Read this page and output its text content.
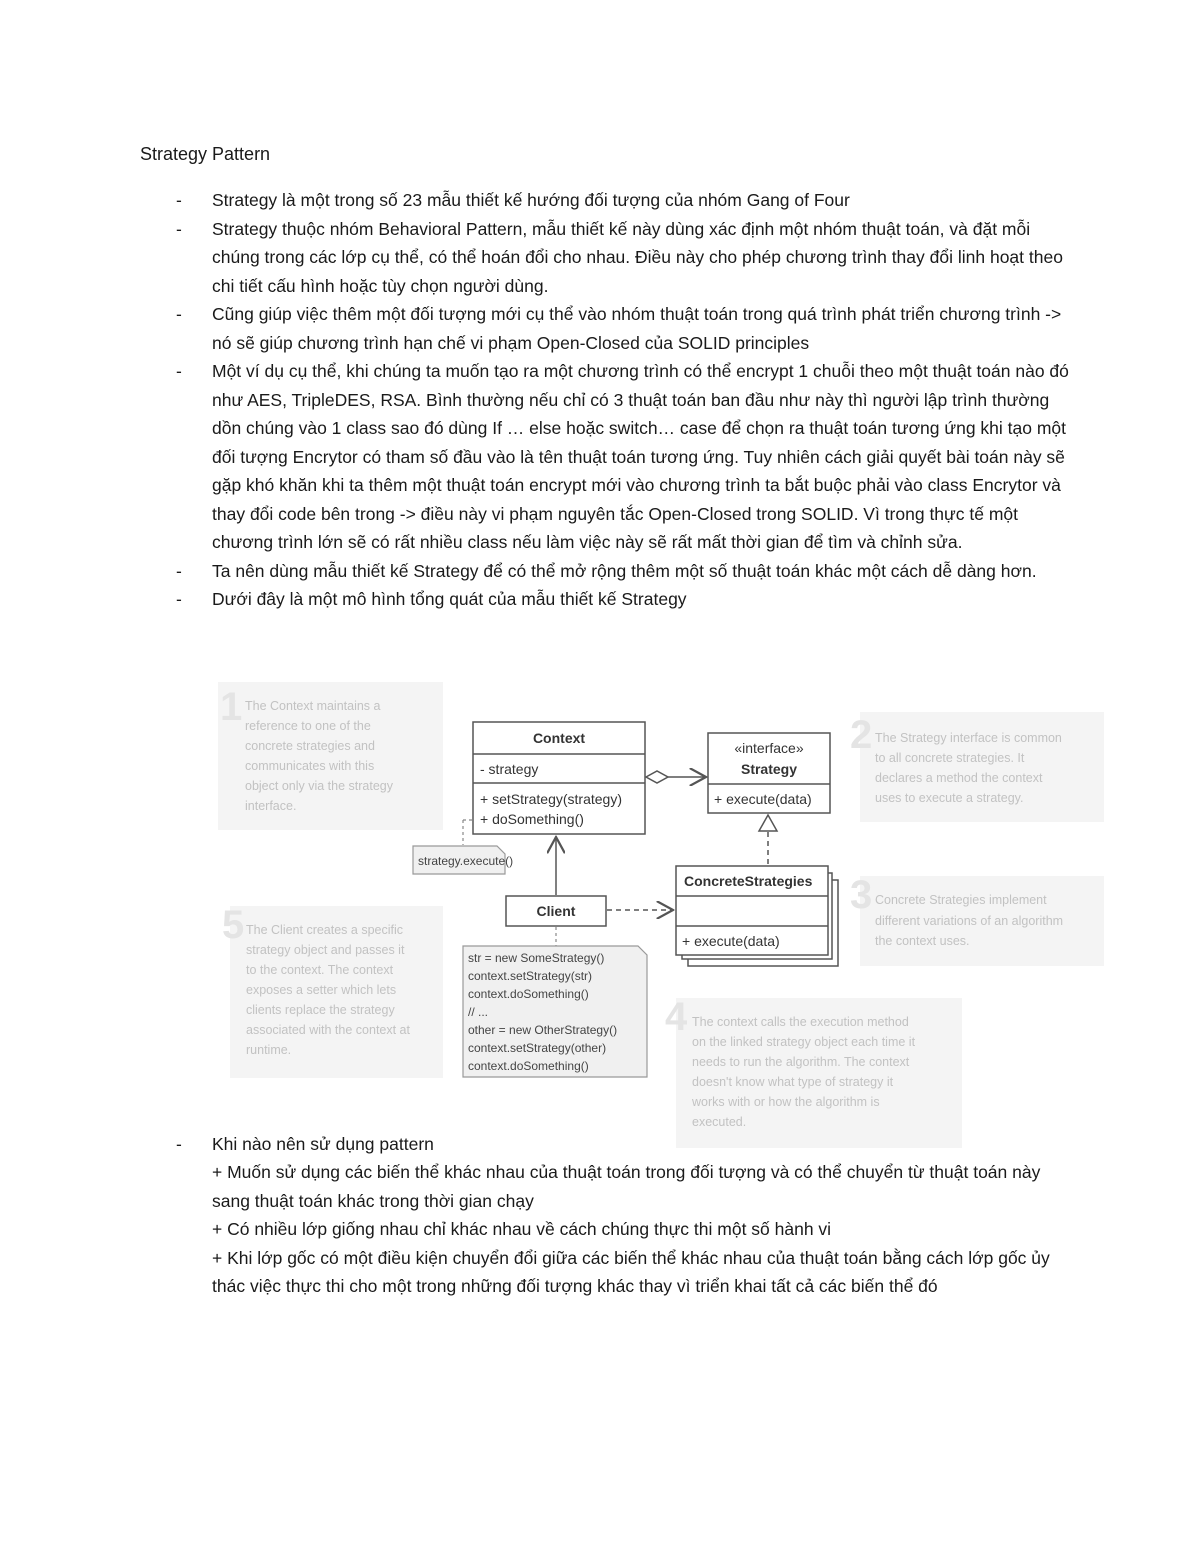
Strategy Pattern
- Strategy là một trong số 23 mẫu thiết kế hướng đối tượng của nhóm Gang of Four
- Strategy thuộc nhóm Behavioral Pattern, mẫu thiết kế này dùng xác định một nhóm thuật toán, và đặt mỗi chúng trong các lớp cụ thể, có thể hoán đổi cho nhau. Điều này cho phép chương trình thay đổi linh hoạt theo chi tiết cấu hình hoặc tùy chọn người dùng.
- Cũng giúp việc thêm một đối tượng mới cụ thể vào nhóm thuật toán trong quá trình phát triển chương trình -> nó sẽ giúp chương trình hạn chế vi phạm Open-Closed của SOLID principles
- Một ví dụ cụ thể, khi chúng ta muốn tạo ra một chương trình có thể encrypt 1 chuỗi theo một thuật toán nào đó như AES, TripleDES, RSA. Bình thường nếu chỉ có 3 thuật toán ban đầu như này thì người lập trình thường dồn chúng vào 1 class sao đó dùng If … else hoặc switch… case để chọn ra thuật toán tương ứng khi tạo một đối tượng Encrytor có tham số đầu vào là tên thuật toán tương ứng. Tuy nhiên cách giải quyết bài toán này sẽ gặp khó khăn khi ta thêm một thuật toán encrypt mới vào chương trình ta bắt buộc phải vào class Encrytor và thay đổi code bên trong -> điều này vi phạm nguyên tắc Open-Closed trong SOLID. Vì trong thực tế một chương trình lớn sẽ có rất nhiều class nếu làm việc này sẽ rất mất thời gian để tìm và chỉnh sửa.
- Ta nên dùng mẫu thiết kế Strategy để có thể mở rộng thêm một số thuật toán khác một cách dễ dàng hơn.
- Dưới đây là một mô hình tổng quát của mẫu thiết kế Strategy
- Khi nào nên sử dụng pattern
+ Muốn sử dụng các biến thể khác nhau của thuật toán trong đối tượng và có thể chuyển từ thuật toán này sang thuật toán khác trong thời gian chạy
+ Có nhiều lớp giống nhau chỉ khác nhau về cách chúng thực thi một số hành vi
+ Khi lớp gốc có một điều kiện chuyển đổi giữa các biến thể khác nhau của thuật toán bằng cách lớp gốc ủy thác việc thực thi cho một trong những đối tượng khác thay vì triển khai tất cả các biến thể đó
1 The Context maintains a
reference to one of the
concrete strategies and
communicates with this
object only via the strategy
interface.
2 The Strategy interface is common
to all concrete strategies. It
declares a method the context
uses to execute a strategy.
3 Concrete Strategies implement
different variations of an algorithm
the context uses.
4 The context calls the execution method
on the linked strategy object each time it
needs to run the algorithm. The context
doesn't know what type of strategy it
works with or how the algorithm is
executed.
5 The Client creates a specific
strategy object and passes it
to the context. The context
exposes a setter which lets
clients replace the strategy
associated with the context at
runtime.
Context
- strategy
+ setStrategy(strategy)
+ doSomething()
«interface»
Strategy
+ execute(data)
ConcreteStrategies
+ execute(data)
Client
strategy.execute()
str = new SomeStrategy()
context.setStrategy(str)
context.doSomething()
// ...
other = new OtherStrategy()
context.setStrategy(other)
context.doSomething()
